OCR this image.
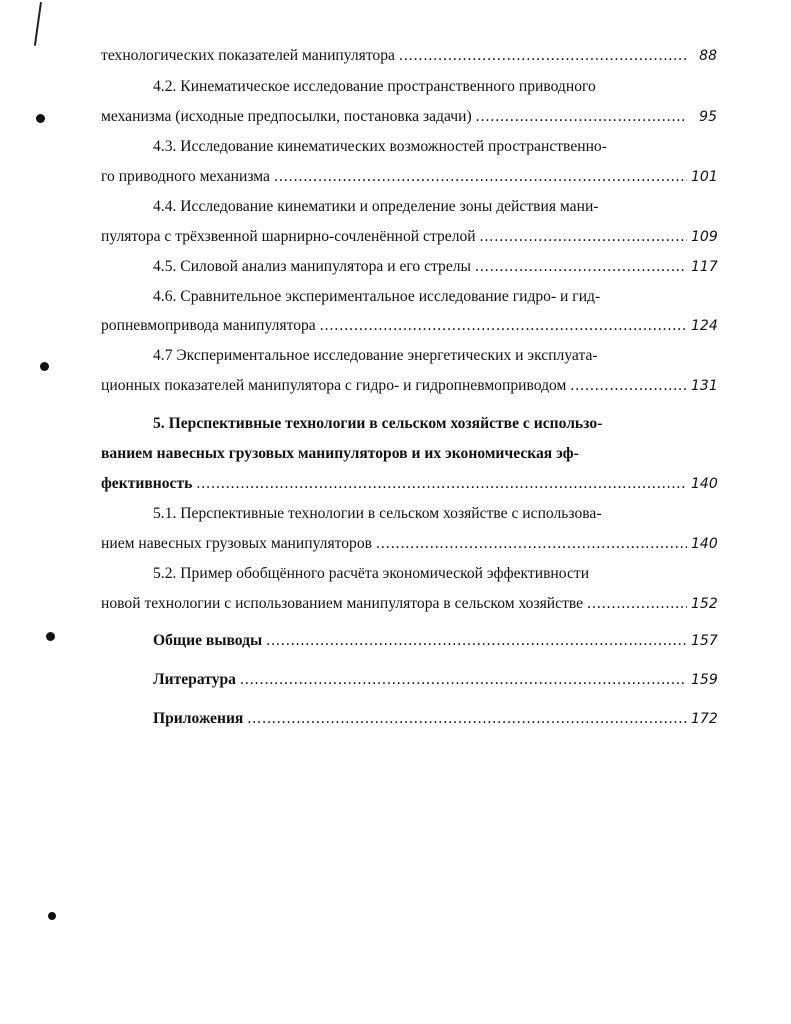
технологических показателей манипулятора .....	88
4.2. Кинематическое исследование пространственного приводного
механизма (исходные предпосылки, постановка задачи) .....	95
4.3. Исследование кинематических возможностей пространственно-
го приводного механизма .....	101
4.4. Исследование кинематики и определение зоны действия мани-
пулятора с трёхзвенной шарнирно-сочленённой стрелой .....	109
4.5. Силовой анализ манипулятора и его стрелы .....	117
4.6. Сравнительное экспериментальное исследование гидро- и гид-
ропневмопривода манипулятора .....	124
4.7 Экспериментальное исследование энергетических и эксплуата-
ционных показателей манипулятора с гидро- и гидропневмоприводом .....	131
5. Перспективные технологии в сельском хозяйстве с использо-
ванием навесных грузовых манипуляторов и их экономическая эф-
фективность .....	140
5.1. Перспективные технологии в сельском хозяйстве с использова-
нием навесных грузовых манипуляторов .....	140
5.2. Пример обобщённого расчёта экономической эффективности
новой технологии с использованием манипулятора в сельском хозяйстве .....	152
Общие выводы .....	157
Литература .....	159
Приложения .....	172
